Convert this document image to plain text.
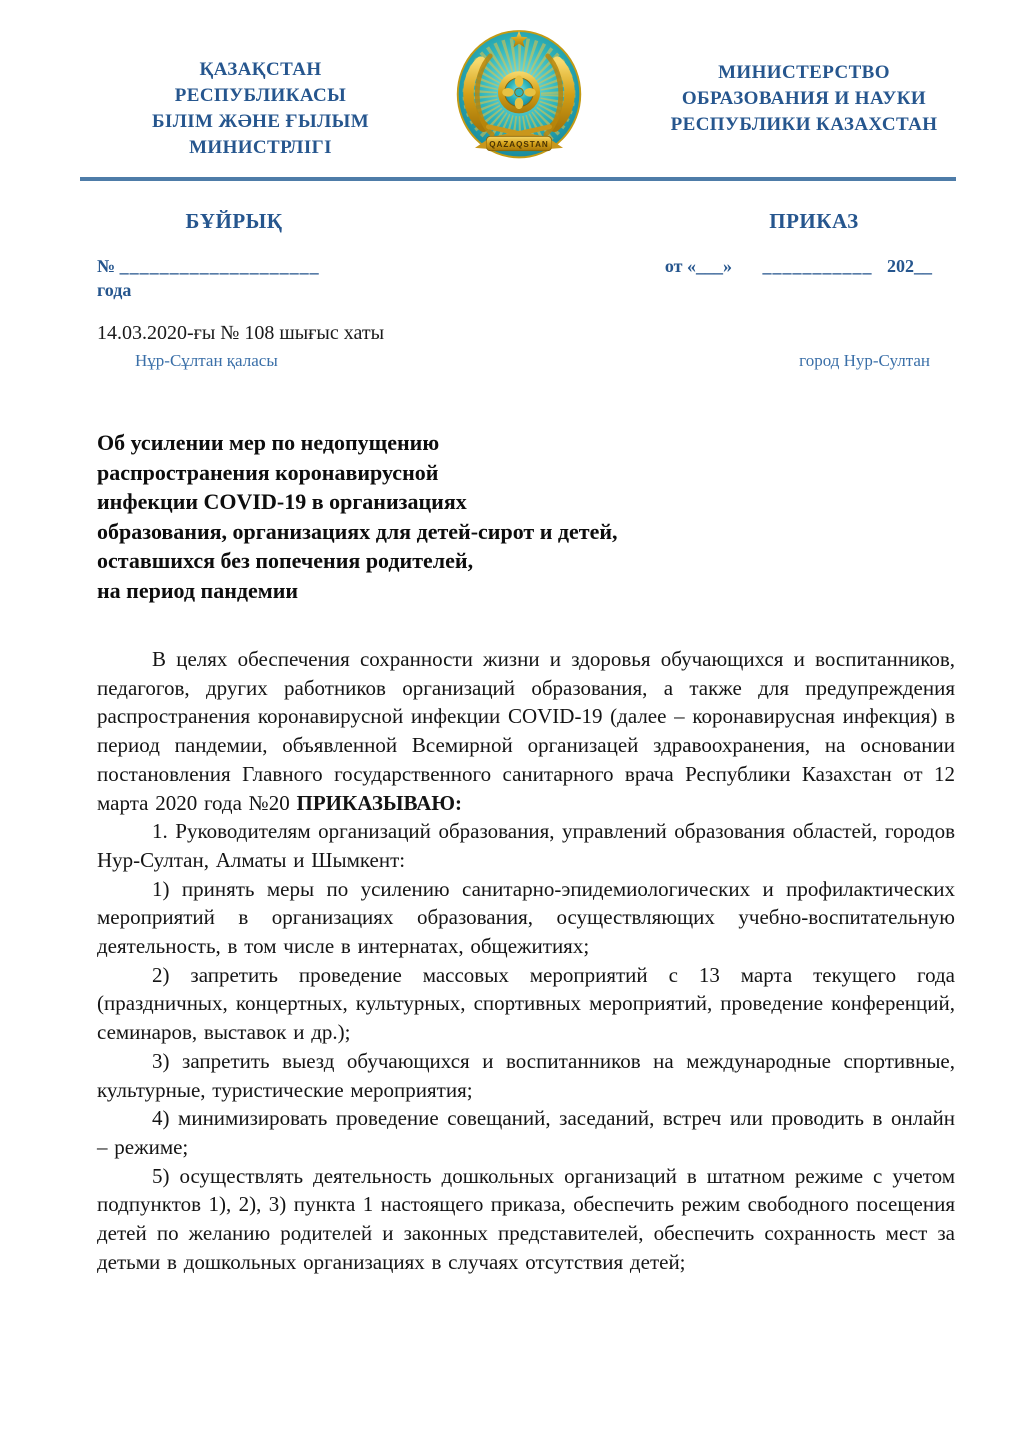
ҚАЗАҚСТАН
РЕСПУБЛИКАСЫ
БІЛІМ ЖӘНЕ ҒЫЛЫМ
МИНИСТРЛІГІ	QAZAQSTAN
МИНИСТЕРСТВО
ОБРАЗОВАНИЯ И НАУКИ
РЕСПУБЛИКИ КАЗАХСТАН
БҰЙРЫҚ	ПРИКАЗ
№ ____________________
года
от «___» ___________ 202__
14.03.2020-ғы № 108 шығыс хаты
Нұр-Сұлтан қаласы	город Нур-Султан
Об усилении мер по недопущению
распространения коронавирусной
инфекции COVID-19 в организациях
образования, организациях для детей-сирот и детей,
оставшихся без попечения родителей,
на период пандемии

В целях обеспечения сохранности жизни и здоровья обучающихся и воспитанников, педагогов, других работников организаций образования, а также для предупреждения распространения коронавирусной инфекции COVID-19 (далее – коронавирусная инфекция) в период пандемии, объявленной Всемирной организацей здравоохранения, на основании постановления Главного государственного санитарного врача Республики Казахстан от 12 марта 2020 года №20 ПРИКАЗЫВАЮ:

1. Руководителям организаций образования, управлений образования областей, городов Нур-Султан, Алматы и Шымкент:

1) принять меры по усилению санитарно-эпидемиологических и профилактических мероприятий в организациях образования, осуществляющих учебно-воспитательную деятельность, в том числе в интернатах, общежитиях;

2) запретить проведение массовых мероприятий с 13 марта текущего года (праздничных, концертных, культурных, спортивных мероприятий, проведение конференций, семинаров, выставок и др.);

3) запретить выезд обучающихся и воспитанников на международные спортивные, культурные, туристические мероприятия;

4) минимизировать проведение совещаний, заседаний, встреч или проводить в онлайн – режиме;

5) осуществлять деятельность дошкольных организаций в штатном режиме с учетом подпунктов 1), 2), 3) пункта 1 настоящего приказа, обеспечить режим свободного посещения детей по желанию родителей и законных представителей, обеспечить сохранность мест за детьми в дошкольных организациях в случаях отсутствия детей;
